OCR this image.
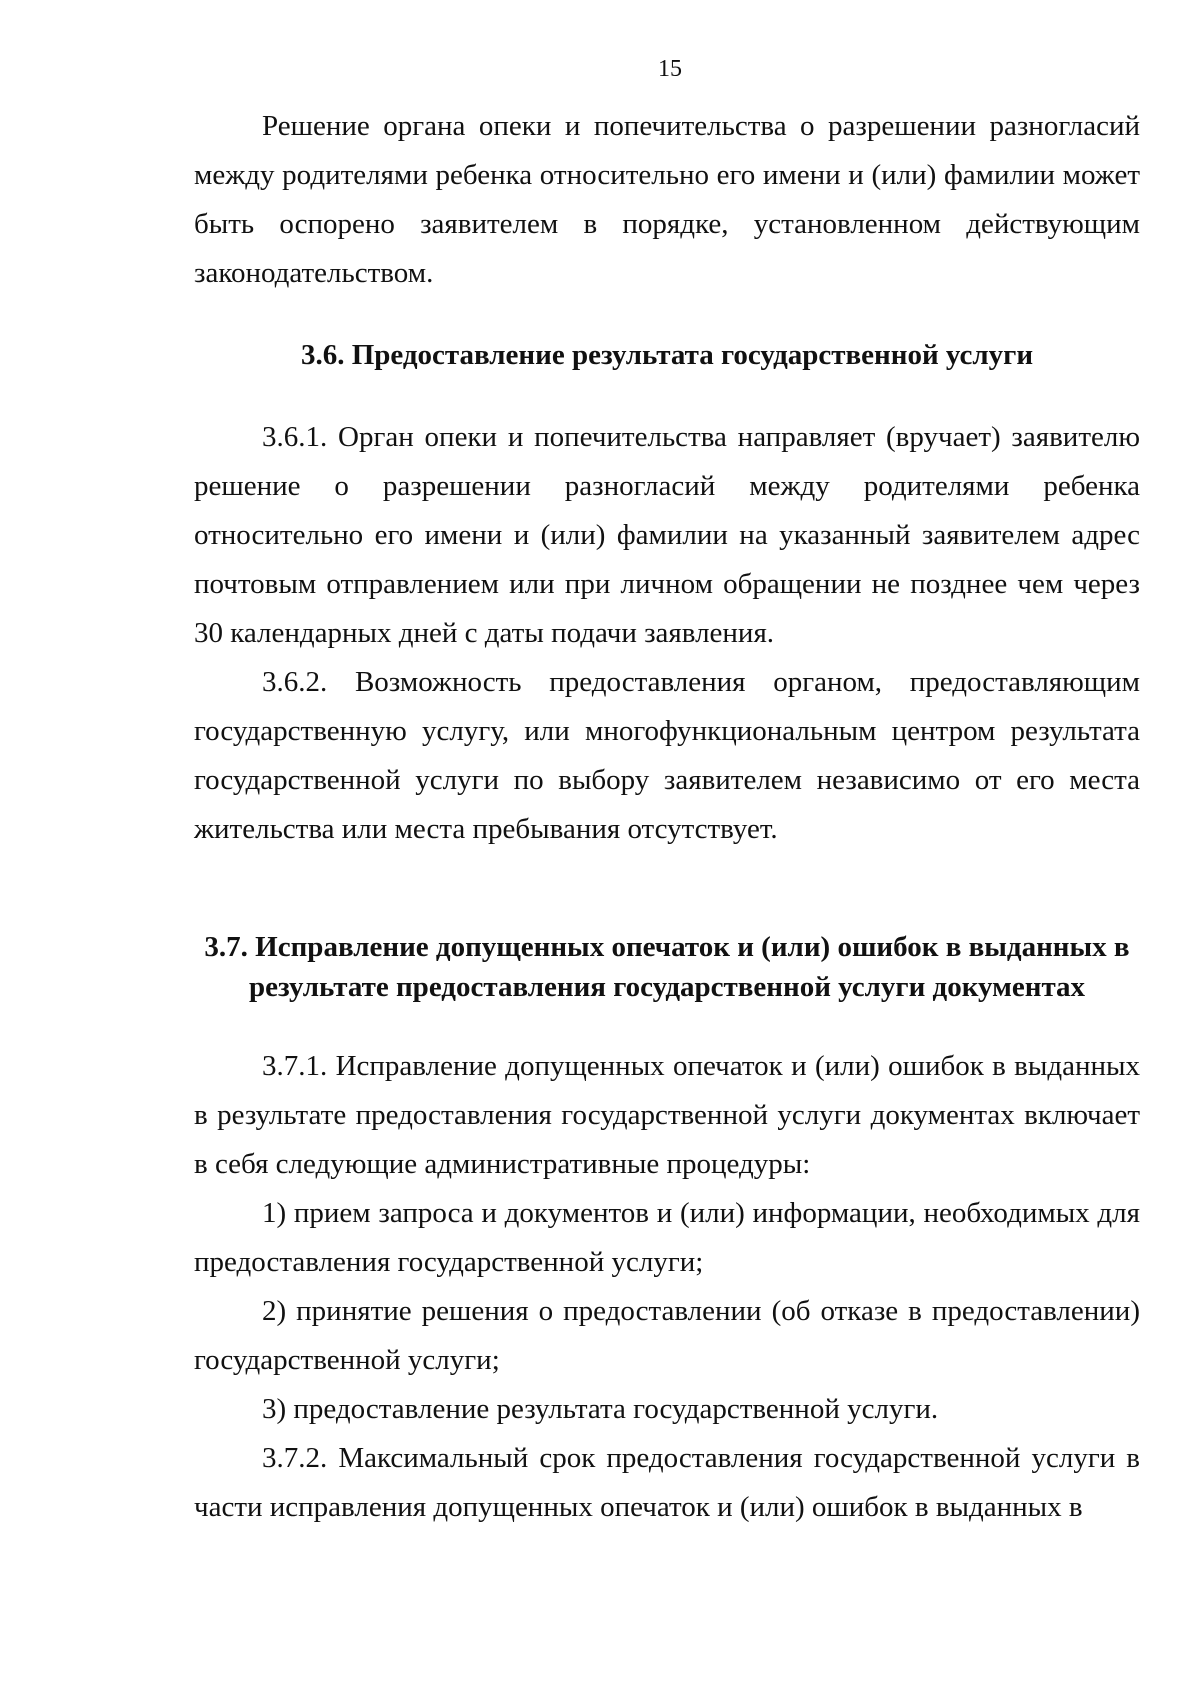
15

Решение органа опеки и попечительства о разрешении разногласий между родителями ребенка относительно его имени и (или) фамилии может быть оспорено заявителем в порядке, установленном действующим законодательством.

3.6. Предоставление результата государственной услуги

3.6.1. Орган опеки и попечительства направляет (вручает) заявителю решение о разрешении разногласий между родителями ребенка относительно его имени и (или) фамилии на указанный заявителем адрес почтовым отправлением или при личном обращении не позднее чем через 30 календарных дней с даты подачи заявления.

3.6.2. Возможность предоставления органом, предоставляющим государственную услугу, или многофункциональным центром результата государственной услуги по выбору заявителем независимо от его места жительства или места пребывания отсутствует.

3.7. Исправление допущенных опечаток и (или) ошибок в выданных в

результате предоставления государственной услуги документах

3.7.1. Исправление допущенных опечаток и (или) ошибок в выданных в результате предоставления государственной услуги документах включает в себя следующие административные процедуры:

1) прием запроса и документов и (или) информации, необходимых для предоставления государственной услуги;

2) принятие решения о предоставлении (об отказе в предоставлении) государственной услуги;

3) предоставление результата государственной услуги.

3.7.2. Максимальный срок предоставления государственной услуги в части исправления допущенных опечаток и (или) ошибок в выданных в
